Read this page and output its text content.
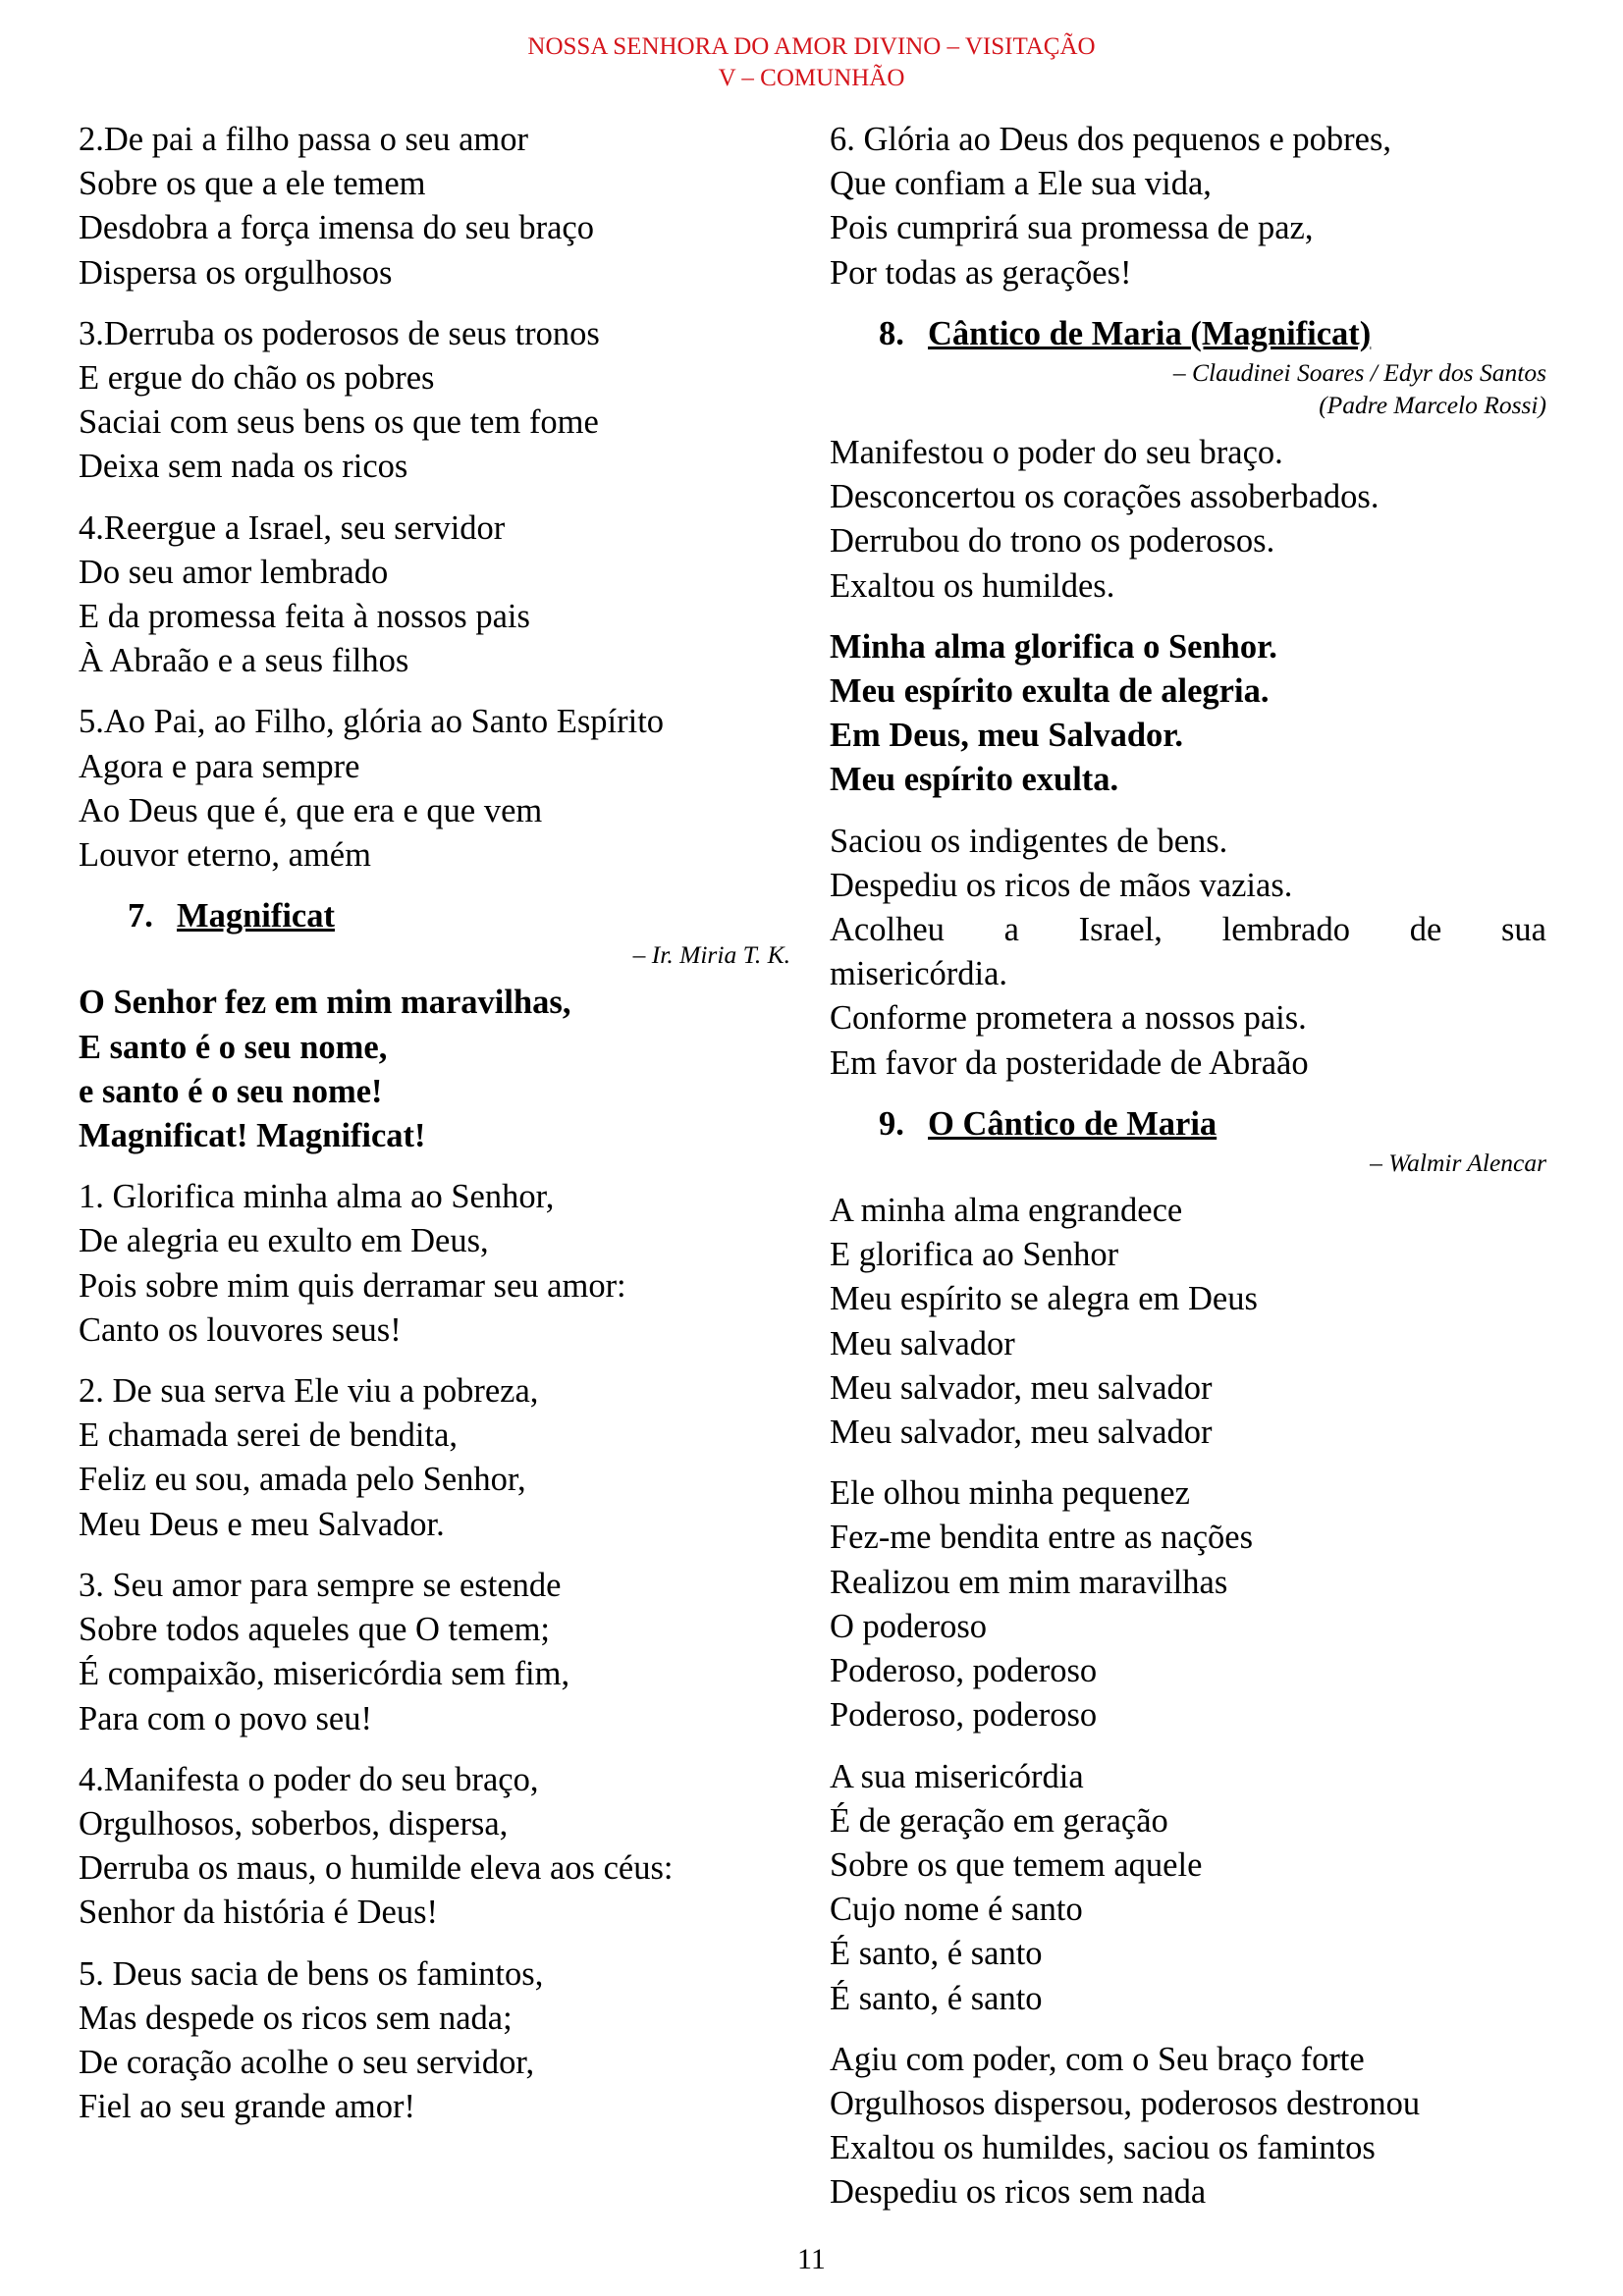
NOSSA SENHORA DO AMOR DIVINO – VISITAÇÃO
V – COMUNHÃO
2.De pai a filho passa o seu amor
Sobre os que a ele temem
Desdobra a força imensa do seu braço
Dispersa os orgulhosos
3.Derruba os poderosos de seus tronos
E ergue do chão os pobres
Saciai com seus bens os que tem fome
Deixa sem nada os ricos
4.Reergue a Israel, seu servidor
Do seu amor lembrado
E da promessa feita à nossos pais
À Abraão e a seus filhos
5.Ao Pai, ao Filho, glória ao Santo Espírito
Agora e para sempre
Ao Deus que é, que era e que vem
Louvor eterno, amém
7. Magnificat
– Ir. Miria T. K.
O Senhor fez em mim maravilhas,
E santo é o seu nome,
e santo é o seu nome!
Magnificat! Magnificat!
1. Glorifica minha alma ao Senhor,
De alegria eu exulto em Deus,
Pois sobre mim quis derramar seu amor:
Canto os louvores seus!
2. De sua serva Ele viu a pobreza,
E chamada serei de bendita,
Feliz eu sou, amada pelo Senhor,
Meu Deus e meu Salvador.
3. Seu amor para sempre se estende
Sobre todos aqueles que O temem;
É compaixão, misericórdia sem fim,
Para com o povo seu!
4.Manifesta o poder do seu braço,
Orgulhosos, soberbos, dispersa,
Derruba os maus, o humilde eleva aos céus:
Senhor da história é Deus!
5. Deus sacia de bens os famintos,
Mas despede os ricos sem nada;
De coração acolhe o seu servidor,
Fiel ao seu grande amor!
6. Glória ao Deus dos pequenos e pobres,
Que confiam a Ele sua vida,
Pois cumprirá sua promessa de paz,
Por todas as gerações!
8. Cântico de Maria (Magnificat)
– Claudinei Soares / Edyr dos Santos
(Padre Marcelo Rossi)
Manifestou o poder do seu braço.
Desconcertou os corações assoberbados.
Derrubou do trono os poderosos.
Exaltou os humildes.
Minha alma glorifica o Senhor.
Meu espírito exulta de alegria.
Em Deus, meu Salvador.
Meu espírito exulta.
Saciou os indigentes de bens.
Despediu os ricos de mãos vazias.
Acolheu a Israel, lembrado de sua
misericórdia.
Conforme prometera a nossos pais.
Em favor da posteridade de Abraão
9. O Cântico de Maria
– Walmir Alencar
A minha alma engrandece
E glorifica ao Senhor
Meu espírito se alegra em Deus
Meu salvador
Meu salvador, meu salvador
Meu salvador, meu salvador
Ele olhou minha pequenez
Fez-me bendita entre as nações
Realizou em mim maravilhas
O poderoso
Poderoso, poderoso
Poderoso, poderoso
A sua misericórdia
É de geração em geração
Sobre os que temem aquele
Cujo nome é santo
É santo, é santo
É santo, é santo
Agiu com poder, com o Seu braço forte
Orgulhosos dispersou, poderosos destronou
Exaltou os humildes, saciou os famintos
Despediu os ricos sem nada
11
